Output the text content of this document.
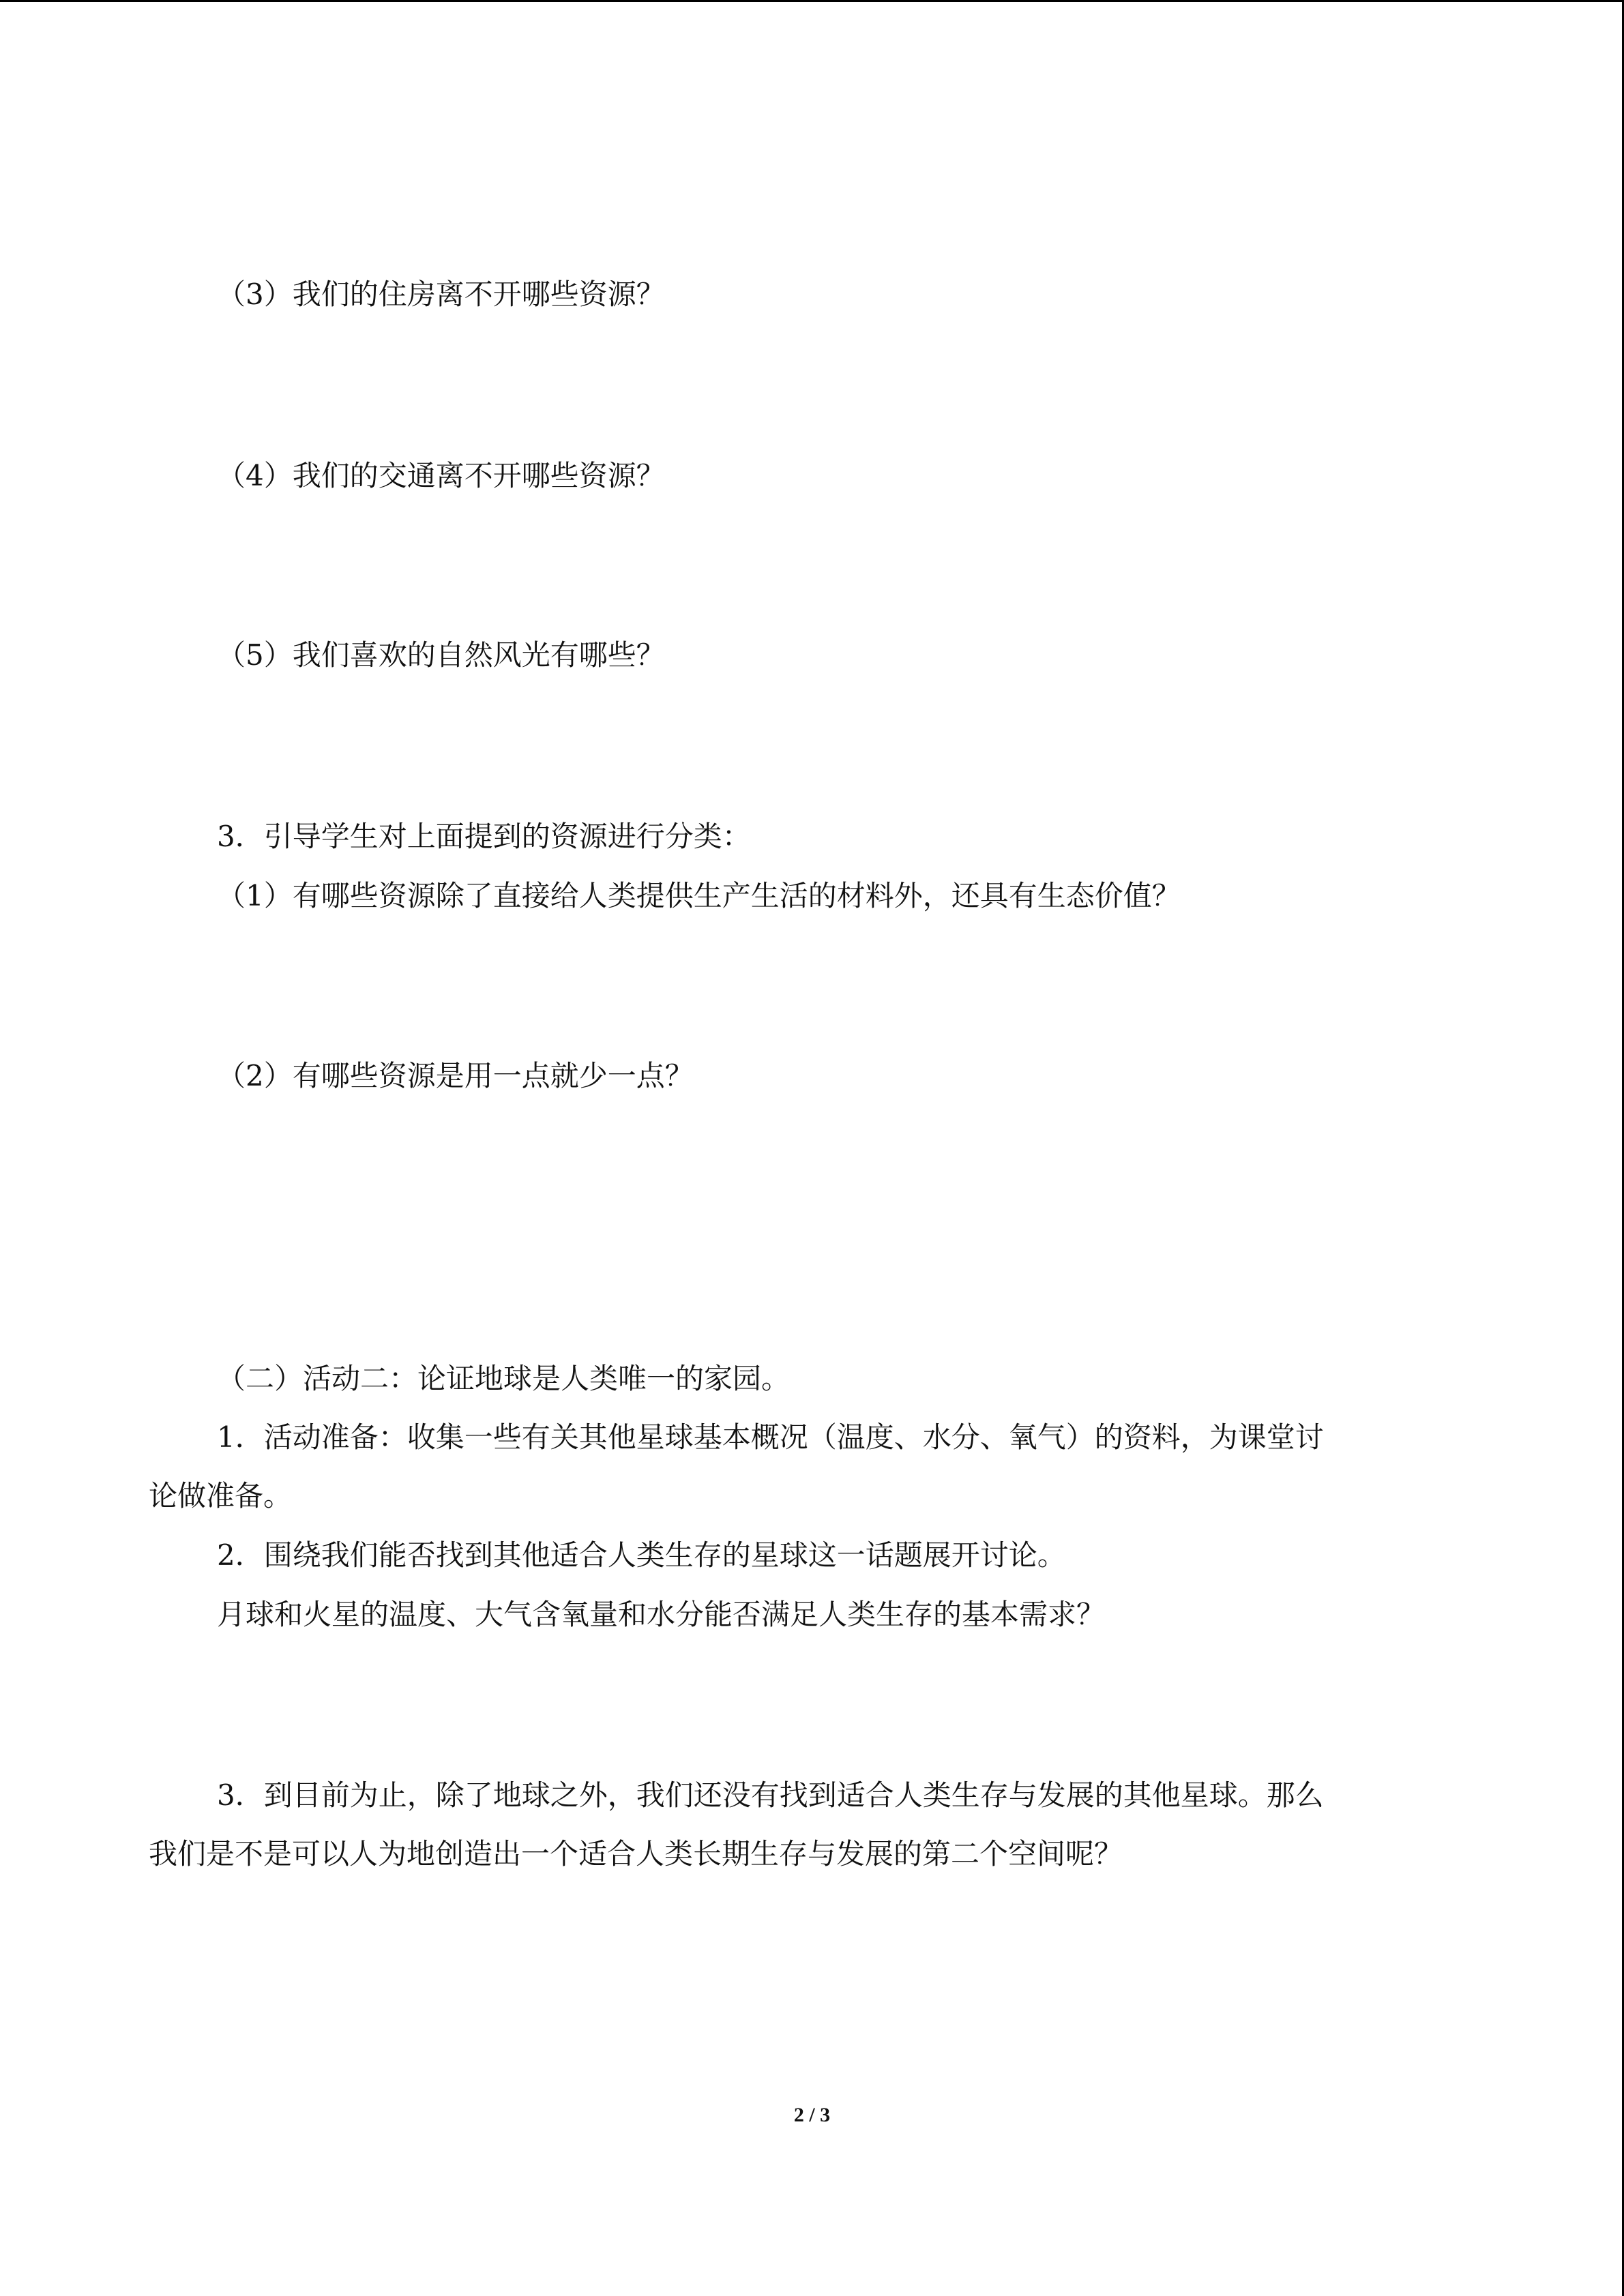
（3）我们的住房离不开哪些资源？
（4）我们的交通离不开哪些资源？
（5）我们喜欢的自然风光有哪些？
3．引导学生对上面提到的资源进行分类：
（1）有哪些资源除了直接给人类提供生产生活的材料外，还具有生态价值？
（2）有哪些资源是用一点就少一点？
（二）活动二：论证地球是人类唯一的家园。
1．活动准备：收集一些有关其他星球基本概况（温度、水分、氧气）的资料，为课堂讨
论做准备。
2．围绕我们能否找到其他适合人类生存的星球这一话题展开讨论。
月球和火星的温度、大气含氧量和水分能否满足人类生存的基本需求？
3．到目前为止，除了地球之外，我们还没有找到适合人类生存与发展的其他星球。那么
我们是不是可以人为地创造出一个适合人类长期生存与发展的第二个空间呢？
2 / 3
